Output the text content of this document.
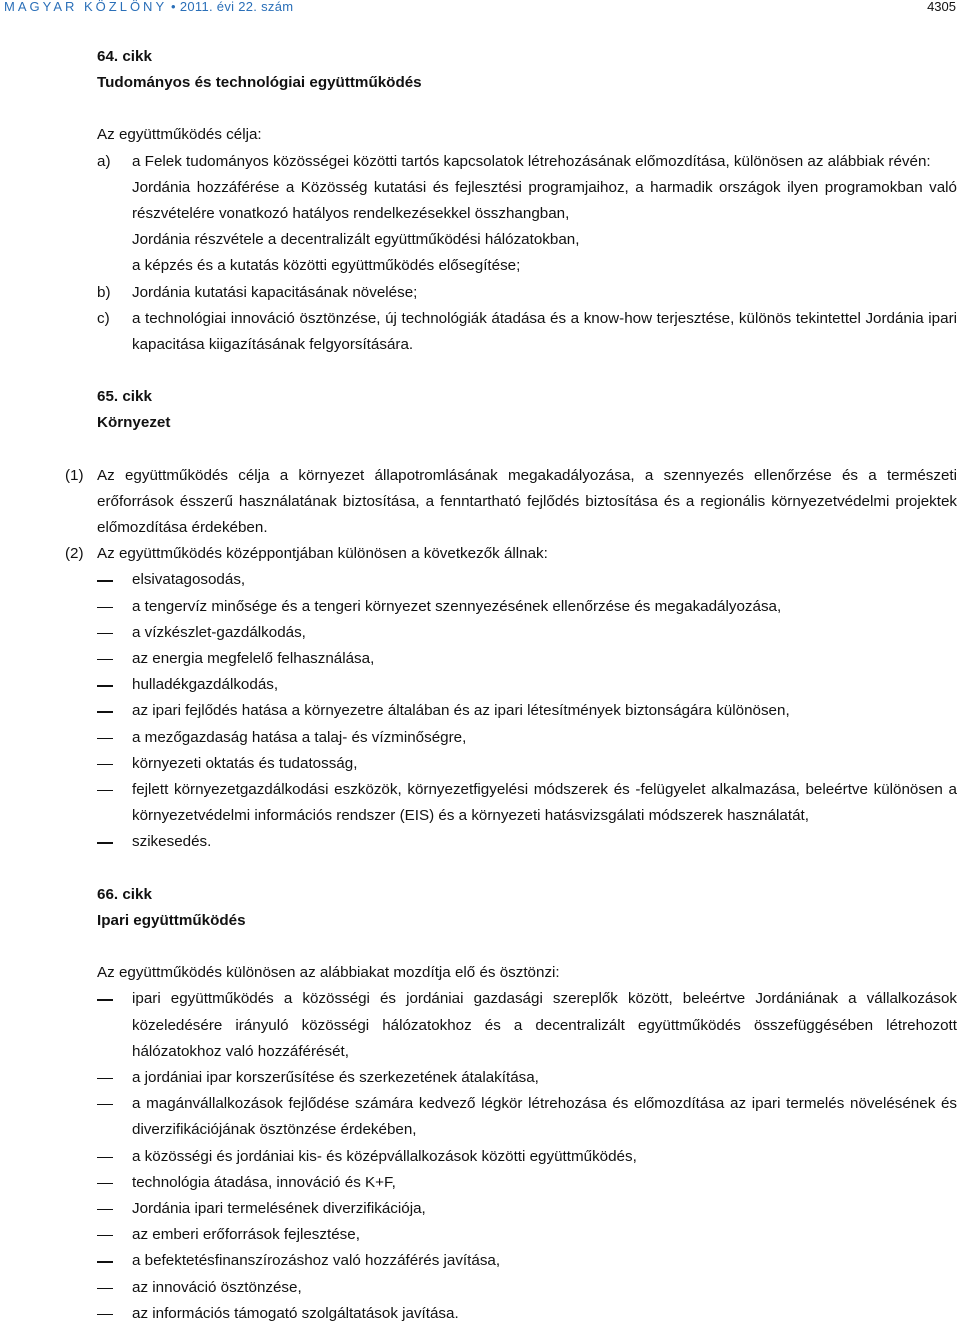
MAGYAR KÖZLÖNY • 2011. évi 22. szám	4305
64. cikk
Tudományos és technológiai együttműködés

Az együttműködés célja:

a)	a Felek tudományos közösségei közötti tartós kapcsolatok létrehozásának előmozdítása, különösen az alábbiak révén:

Jordánia hozzáférése a Közösség kutatási és fejlesztési programjaihoz, a harmadik országok ilyen programokban való részvételére vonatkozó hatályos rendelkezésekkel összhangban,

Jordánia részvétele a decentralizált együttműködési hálózatokban,

a képzés és a kutatás közötti együttműködés elősegítése;

b)	Jordánia kutatási kapacitásának növelése;
c)	a technológiai innováció ösztönzése, új technológiák átadása és a know-how terjesztése, különös tekintettel Jordánia ipari kapacitása kiigazításának felgyorsítására.
65. cikk
Környezet
(1) Az együttműködés célja a környezet állapotromlásának megakadályozása, a szennyezés ellenőrzése és a természeti erőforrások ésszerű használatának biztosítása, a fenntartható fejlődés biztosítása és a regionális környezetvédelmi projektek előmozdítása érdekében.
(2) Az együttműködés középpontjában különösen a következők állnak:
elsivatagosodás,
a tengervíz minősége és a tengeri környezet szennyezésének ellenőrzése és megakadályozása,
a vízkészlet-gazdálkodás,
az energia megfelelő felhasználása,
hulladékgazdálkodás,
az ipari fejlődés hatása a környezetre általában és az ipari létesítmények biztonságára különösen,
a mezőgazdaság hatása a talaj- és vízminőségre,
környezeti oktatás és tudatosság,
fejlett környezetgazdálkodási eszközök, környezetfigyelési módszerek és -felügyelet alkalmazása, beleértve különösen a környezetvédelmi információs rendszer (EIS) és a környezeti hatásvizsgálati módszerek használatát,
szikesedés.
66. cikk
Ipari együttműködés

Az együttműködés különösen az alábbiakat mozdítja elő és ösztönzi:

ipari együttműködés a közösségi és jordániai gazdasági szereplők között, beleértve Jordániának a vállalkozások közeledésére irányuló közösségi hálózatokhoz és a decentralizált együttműködés összefüggésében létrehozott hálózatokhoz való hozzáférését,
a jordániai ipar korszerűsítése és szerkezetének átalakítása,
a magánvállalkozások fejlődése számára kedvező légkör létrehozása és előmozdítása az ipari termelés növelésének és diverzifikációjának ösztönzése érdekében,
a közösségi és jordániai kis- és középvállalkozások közötti együttműködés,
technológia átadása, innováció és K+F,
Jordánia ipari termelésének diverzifikációja,
az emberi erőforrások fejlesztése,
a befektetésfinanszírozáshoz való hozzáférés javítása,
az innováció ösztönzése,
az információs támogató szolgáltatások javítása.
